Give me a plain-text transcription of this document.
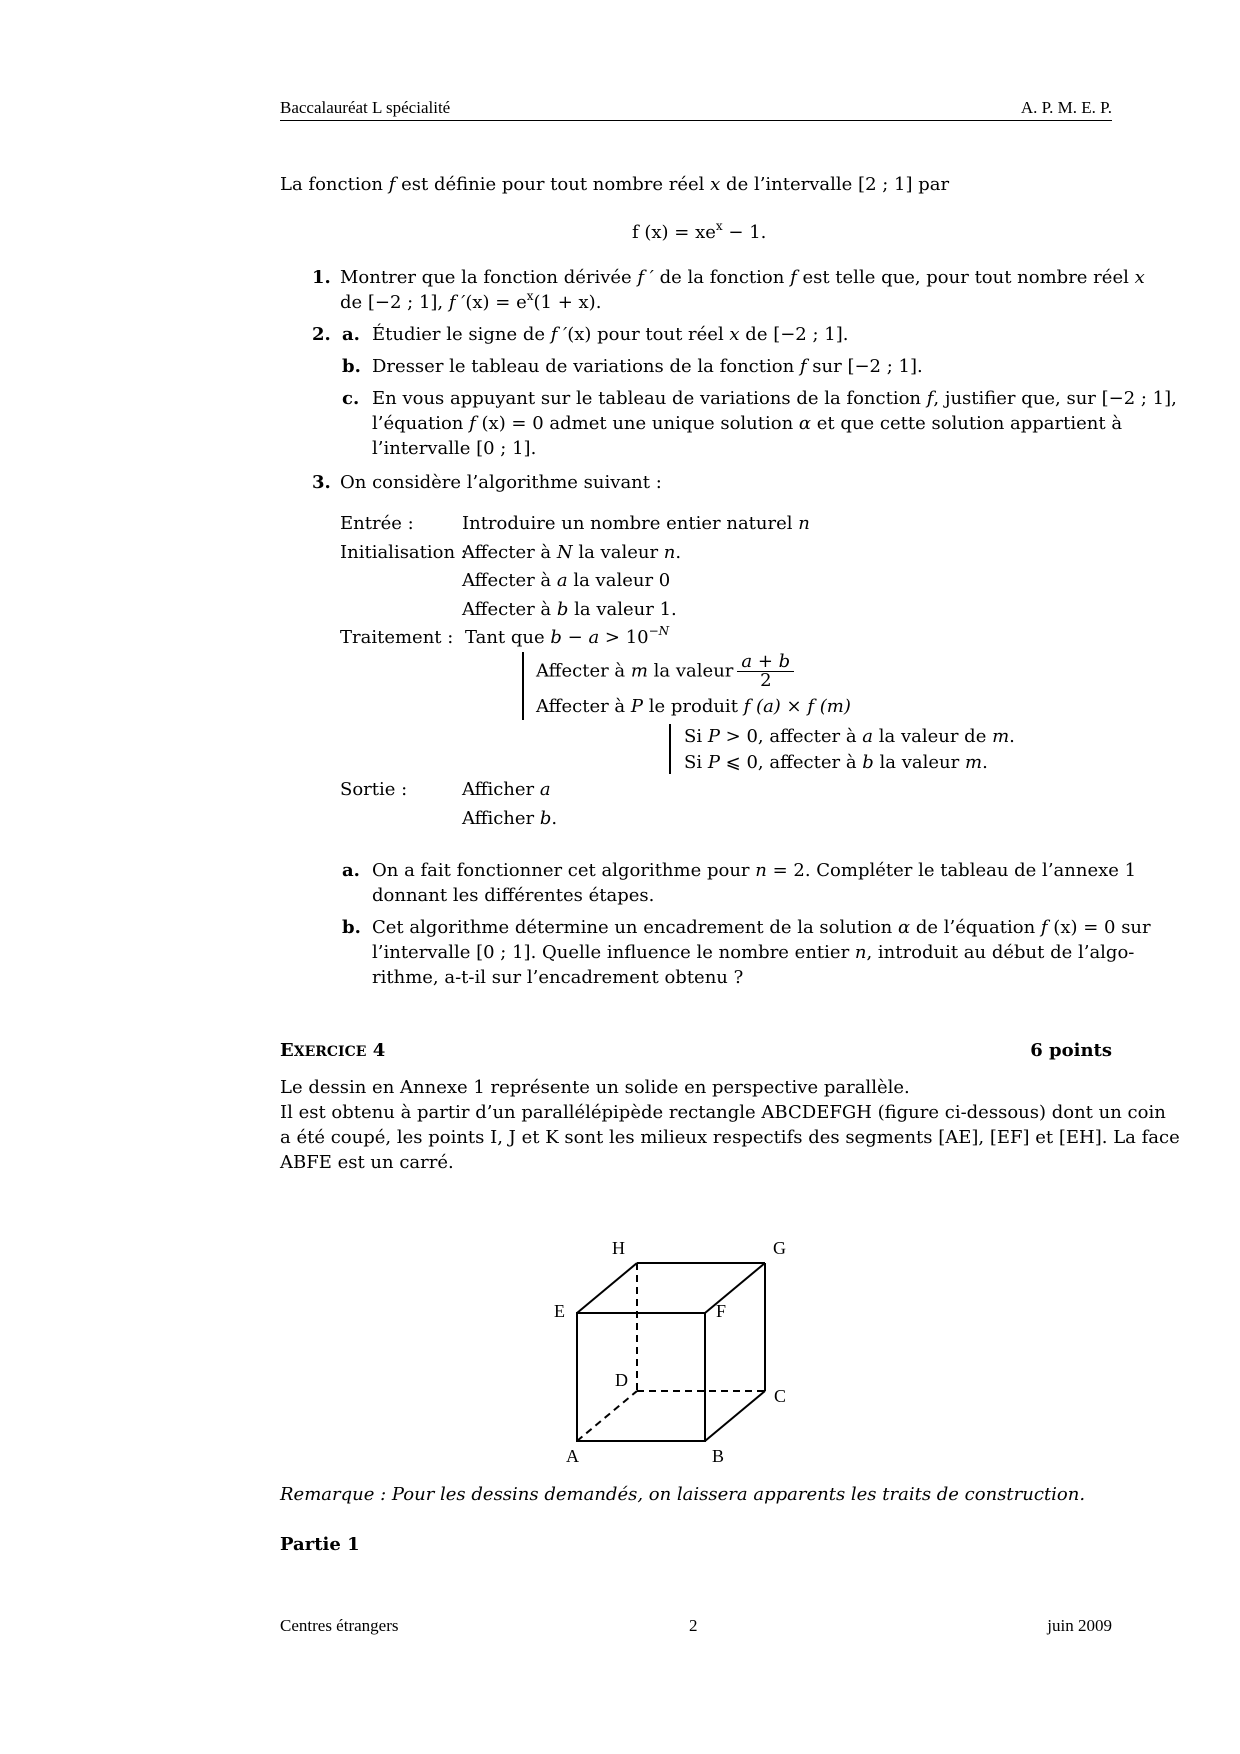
Baccalauréat L spécialité	A. P. M. E. P.
La fonction f est définie pour tout nombre réel x de l’intervalle [2 ; 1] par
f $(x) = xe^x - 1$.
1. Montrer que la fonction dérivée f ′ de la fonction f est telle que, pour tout nombre réel x
de [−2 ; 1], f $'(x) = e^x(1 + x)$.
2. a. Étudier le signe de f ′(x) pour tout réel x de [−2 ; 1].
b. Dresser le tableau de variations de la fonction f sur [−2 ; 1].
c. En vous appuyant sur le tableau de variations de la fonction f, justifier que, sur [−2 ; 1],
l’équation f (x) = 0 admet une unique solution α et que cette solution appartient à
l’intervalle [0 ; 1].
3. On considère l’algorithme suivant :
Entrée :	Introduire un nombre entier naturel n
Initialisation :
Affecter à N la valeur n.
Affecter à a la valeur 0
Affecter à b la valeur 1.
Traitement : Tant que $b - a > 10^{-N}$
Affecter à m la valeur $\frac{a + b}{2}$
Affecter à P le produit f (a) × f (m)
Si P > 0, affecter à a la valeur de m.
Si P ⩽ 0, affecter à b la valeur m.
Sortie :	Afficher a
Afficher b.
a. On a fait fonctionner cet algorithme pour n = 2. Compléter le tableau de l’annexe 1
donnant les différentes étapes.
b. Cet algorithme détermine un encadrement de la solution α de l’équation f (x) = 0 sur
l’intervalle [0 ; 1]. Quelle influence le nombre entier n, introduit au début de l’algo-
rithme, a-t-il sur l’encadrement obtenu ?
EXERCICE 4	6 points
Le dessin en Annexe 1 représente un solide en perspective parallèle.
Il est obtenu à partir d’un parallélépipède rectangle ABCDEFGH (figure ci-dessous) dont un coin
a été coupé, les points I, J et K sont les milieux respectifs des segments [AE], [EF] et [EH]. La face
ABFE est un carré.
A	B
C
D
E	F
G
H
Remarque : Pour les dessins demandés, on laissera apparents les traits de construction.
Partie 1
Centres étrangers	2	juin 2009
